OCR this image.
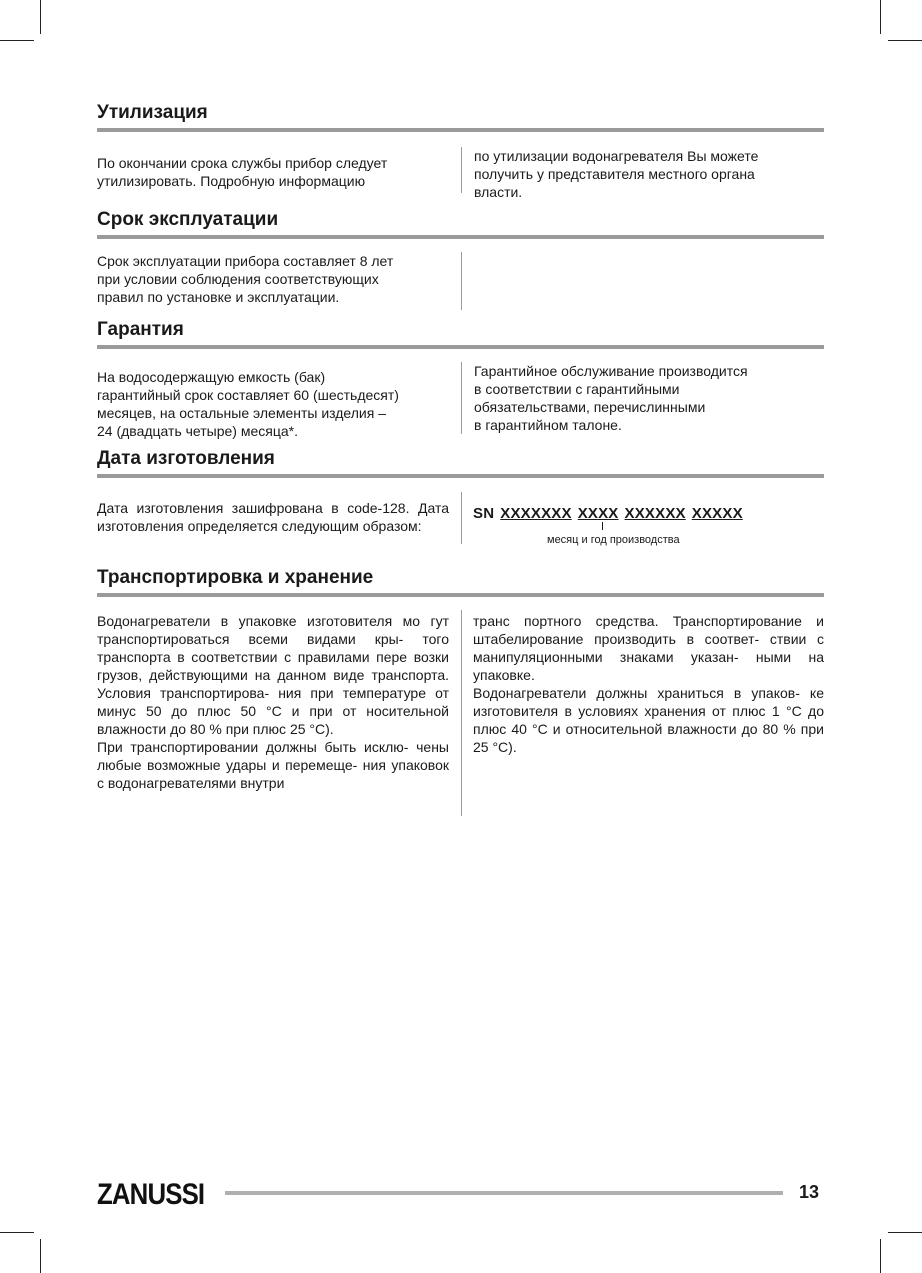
Утилизация

По окончании срока службы прибор следует
утилизировать. Подробную информацию

по утилизации водонагревателя Вы можете
получить у представителя местного органа
власти.

Срок эксплуатации

Срок эксплуатации прибора составляет 8 лет
при условии соблюдения соответствующих
правил по установке и эксплуатации.

Гарантия

На водосодержащую емкость (бак)
гарантийный срок составляет 60 (шестьдесят)
месяцев, на остальные элементы изделия –
24 (двадцать четыре) месяца*.

Гарантийное обслуживание производится
в соответствии с гарантийными
обязательствами, перечислинными
в гарантийном талоне.

Дата изготовления

Дата изготовления зашифрована в code-128. Дата изготовления определяется следующим образом:

SN XXXXXXX XXXX XXXXXX XXXXX
месяц и год производства
Транспортировка и хранение

Водонагреватели в упаковке изготовителя мо гут транспортироваться всеми видами кры- того транспорта в соответствии с правилами пере возки грузов, действующими на данном виде транспорта. Условия транспортирова- ния при температуре от минус 50 до плюс 50 °С и при от носительной влажности до 80 % при плюс 25 °С).

При транспортировании должны быть исклю- чены любые возможные удары и перемеще- ния упаковок с водонагревателями внутри

транс портного средства. Транспортирование и штабелирование производить в соответ- ствии с манипуляционными знаками указан- ными на упаковке.

Водонагреватели должны храниться в упаков- ке изготовителя в условиях хранения от плюс 1 °С до плюс 40 °С и относительной влажности до 80 % при 25 °С).

ZANUSSI	13
